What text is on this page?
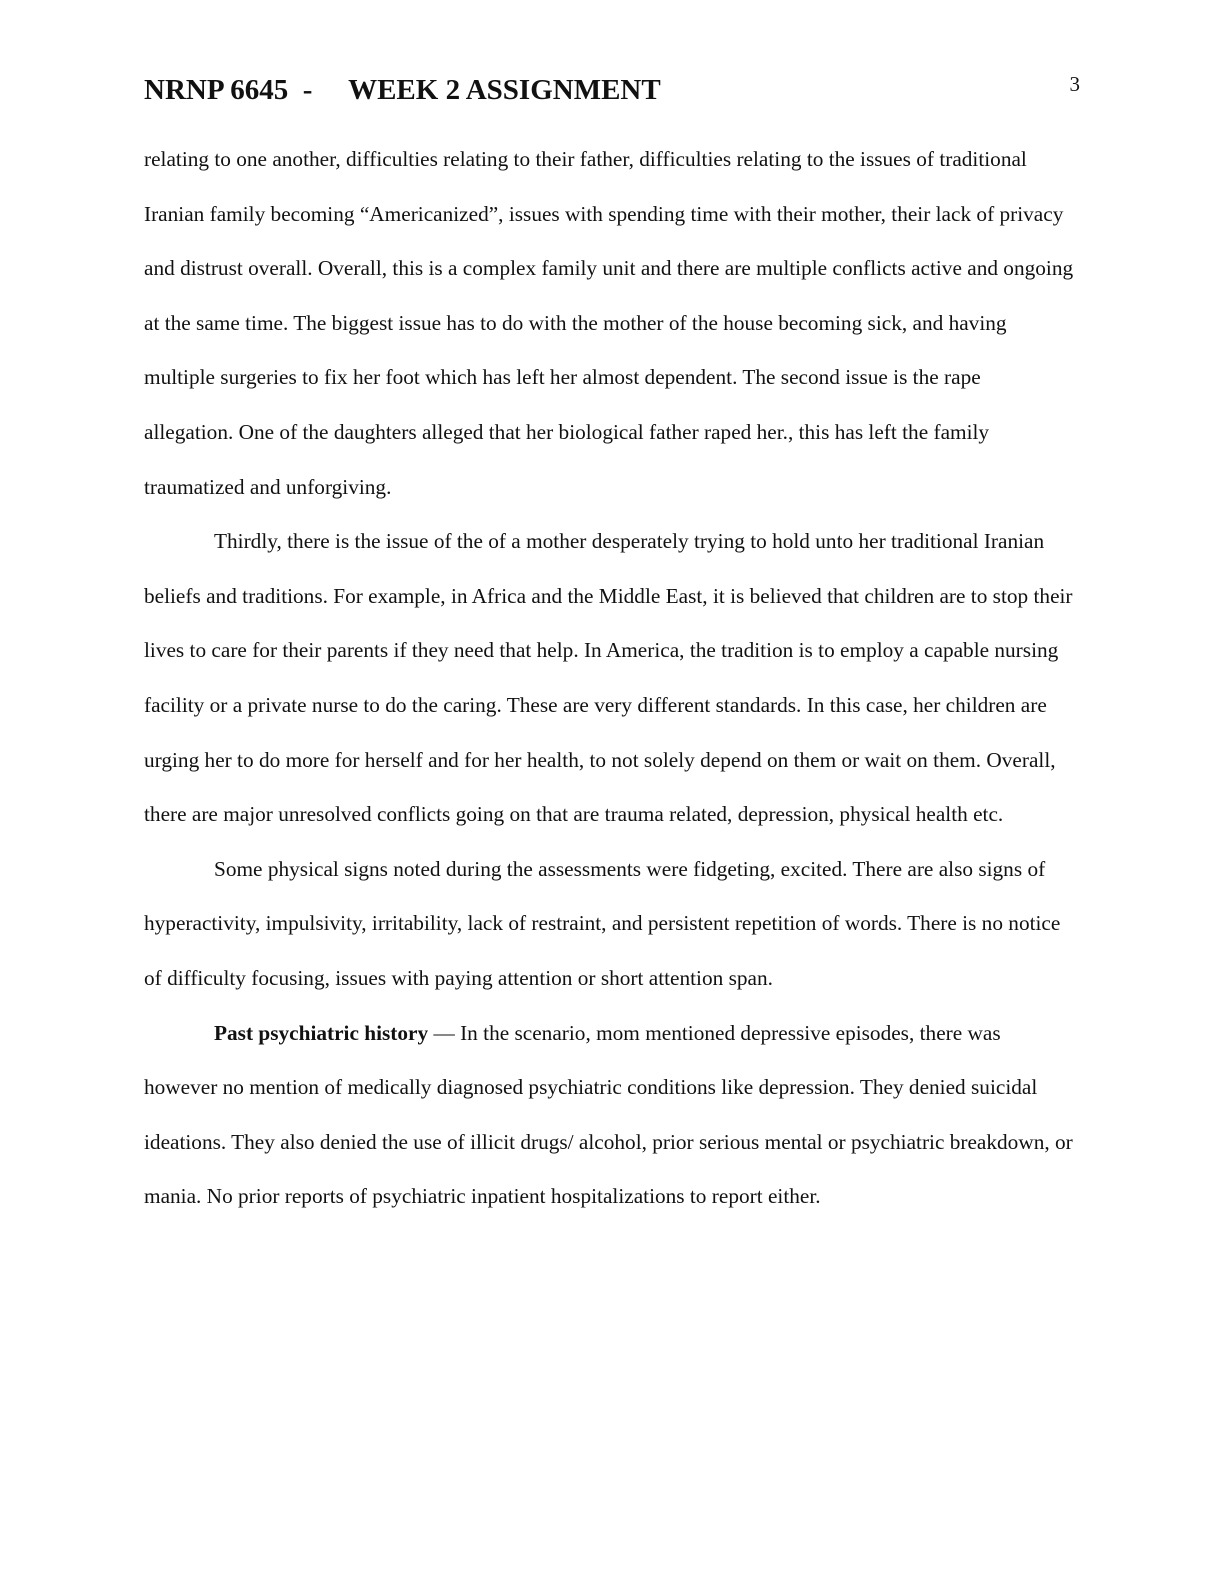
NRNP 6645  -     WEEK 2 ASSIGNMENT	3

relating to one another, difficulties relating to their father, difficulties relating to the issues of traditional Iranian family becoming “Americanized”, issues with spending time with their mother, their lack of privacy and distrust overall. Overall, this is a complex family unit and there are multiple conflicts active and ongoing at the same time. The biggest issue has to do with the mother of the house becoming sick, and having multiple surgeries to fix her foot which has left her almost dependent. The second issue is the rape allegation. One of the daughters alleged that her biological father raped her., this has left the family traumatized and unforgiving.

Thirdly, there is the issue of the of a mother desperately trying to hold unto her traditional Iranian beliefs and traditions. For example, in Africa and the Middle East, it is believed that children are to stop their lives to care for their parents if they need that help. In America, the tradition is to employ a capable nursing facility or a private nurse to do the caring. These are very different standards. In this case, her children are urging her to do more for herself and for her health, to not solely depend on them or wait on them. Overall, there are major unresolved conflicts going on that are trauma related, depression, physical health etc.

Some physical signs noted during the assessments were fidgeting, excited. There are also signs of hyperactivity, impulsivity, irritability, lack of restraint, and persistent repetition of words. There is no notice of difficulty focusing, issues with paying attention or short attention span.

Past psychiatric history — In the scenario, mom mentioned depressive episodes, there was however no mention of medically diagnosed psychiatric conditions like depression. They denied suicidal ideations. They also denied the use of illicit drugs/ alcohol, prior serious mental or psychiatric breakdown, or mania. No prior reports of psychiatric inpatient hospitalizations to report either.
